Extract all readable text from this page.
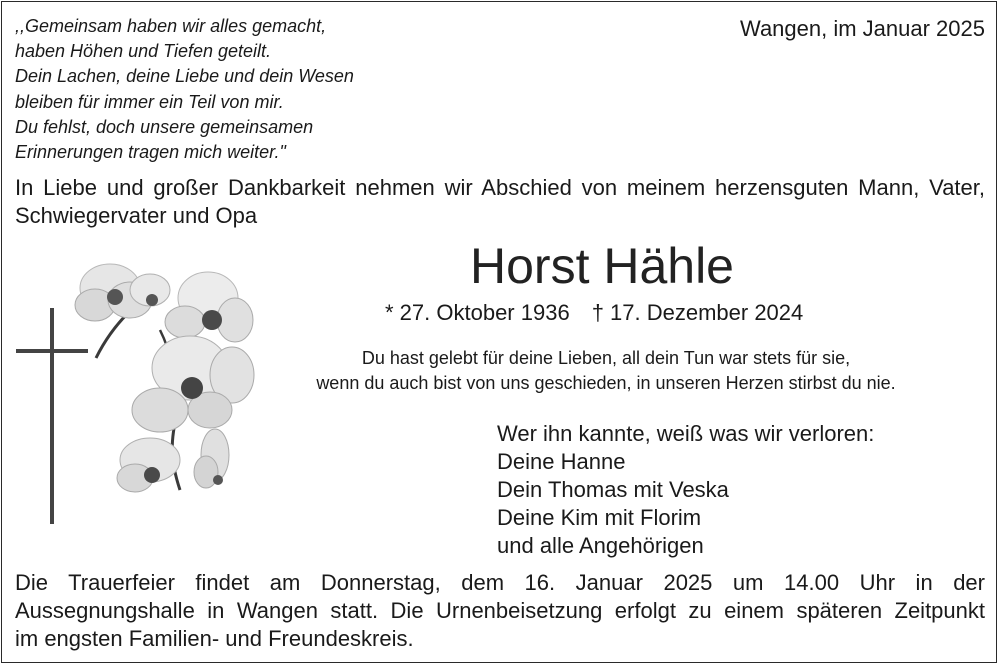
,,Gemeinsam haben wir alles gemacht,
haben Höhen und Tiefen geteilt.
Dein Lachen, deine Liebe und dein Wesen
bleiben für immer ein Teil von mir.
Du fehlst, doch unsere gemeinsamen
Erinnerungen tragen mich weiter."
Wangen, im Januar 2025
In Liebe und großer Dankbarkeit nehmen wir Abschied von meinem herzensguten Mann, Vater, Schwiegervater und Opa
Horst Hähle
* 27. Oktober 1936 † 17. Dezember 2024
Du hast gelebt für deine Lieben, all dein Tun war stets für sie,
wenn du auch bist von uns geschieden, in unseren Herzen stirbst du nie.
Wer ihn kannte, weiß was wir verloren:
Deine Hanne
Dein Thomas mit Veska
Deine Kim mit Florim
und alle Angehörigen
Die Trauerfeier findet am Donnerstag, dem 16. Januar 2025 um 14.00 Uhr in der
Aussegnungshalle in Wangen statt. Die Urnenbeisetzung erfolgt zu einem späteren Zeitpunkt
im engsten Familien- und Freundeskreis.
